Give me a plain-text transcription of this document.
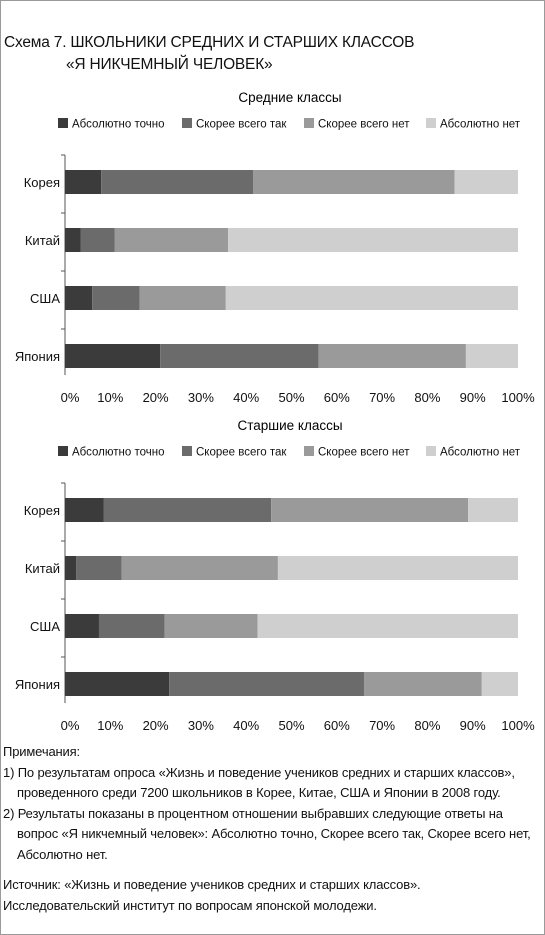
Схема 7. ШКОЛЬНИКИ СРЕДНИХ И СТАРШИХ КЛАССОВ
«Я НИКЧЕМНЫЙ ЧЕЛОВЕК»
Средние классы
Абсолютно точно	Скорее всего так	Скорее всего нет	Абсолютно нет
Корея
Китай
США
Япония
0% 10% 20% 30% 40% 50% 60% 70% 80% 90% 100%
Старшие классы
Абсолютно точно	Скорее всего так	Скорее всего нет	Абсолютно нет
Корея
Китай
США
Япония
0% 10% 20% 30% 40% 50% 60% 70% 80% 90% 100%

Примечания:

1) По результатам опроса «Жизнь и поведение учеников средних и старших классов», проведенного среди 7200 школьников в Корее, Китае, США и Японии в 2008 году.

2) Результаты показаны в процентном отношении выбравших следующие ответы на вопрос «Я никчемный человек»: Абсолютно точно, Скорее всего так, Скорее всего нет, Абсолютно нет.

Источник: «Жизнь и поведение учеников средних и старших классов». Исследовательский институт по вопросам японской молодежи.
